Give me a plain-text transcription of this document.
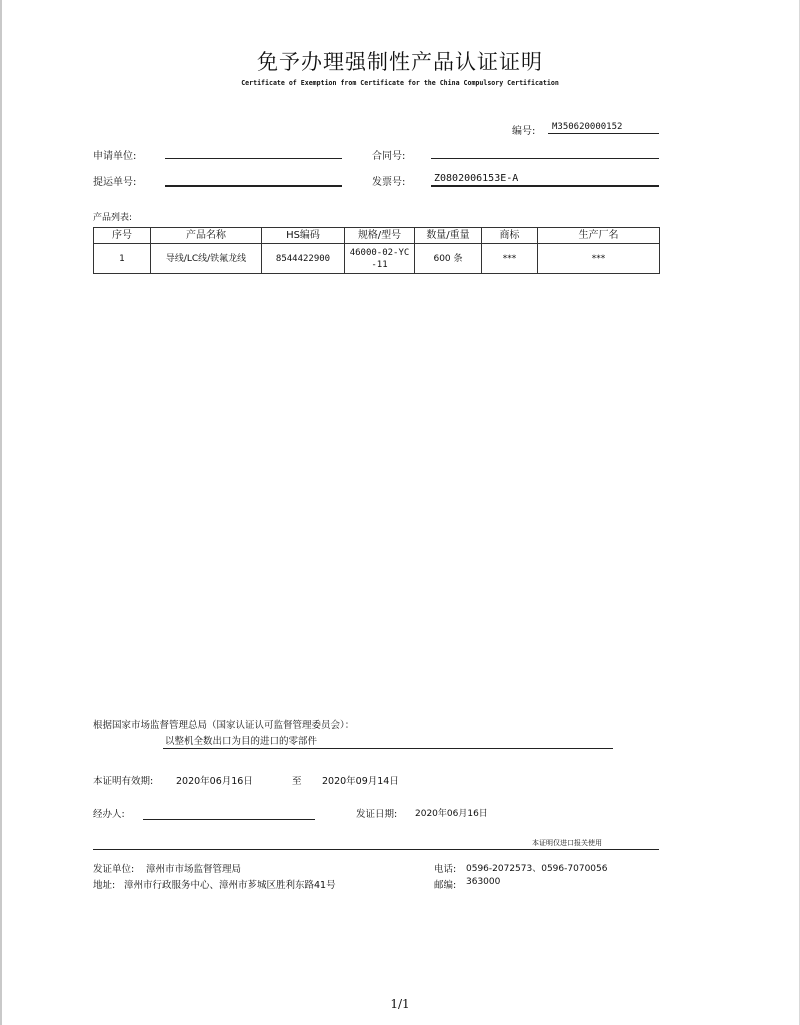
免予办理强制性产品认证证明
Certificate of Exemption from Certificate for the China Compulsory Certification
编号: M350620000152
申请单位:	合同号:
提运单号:	发票号:	Z0802006153E-A
产品列表:
序号	产品名称	HS编码	规格/型号	数量/重量	商标	生产厂名
1	导线/LC线/铁氟龙线	8544422900	46000-02-YC-11	600 条	***	***
根据国家市场监督管理总局（国家认证认可监督管理委员会）：
以整机全数出口为目的进口的零部件
本证明有效期: 2020年06月16日	至 2020年09月14日
经办人:	发证日期: 2020年06月16日
本证明仅进口报关使用
发证单位: 漳州市市场监督管理局	电话: 0596-2072573、0596-7070056
地址: 漳州市行政服务中心、漳州市芗城区胜利东路41号	邮编: 363000
1/1
